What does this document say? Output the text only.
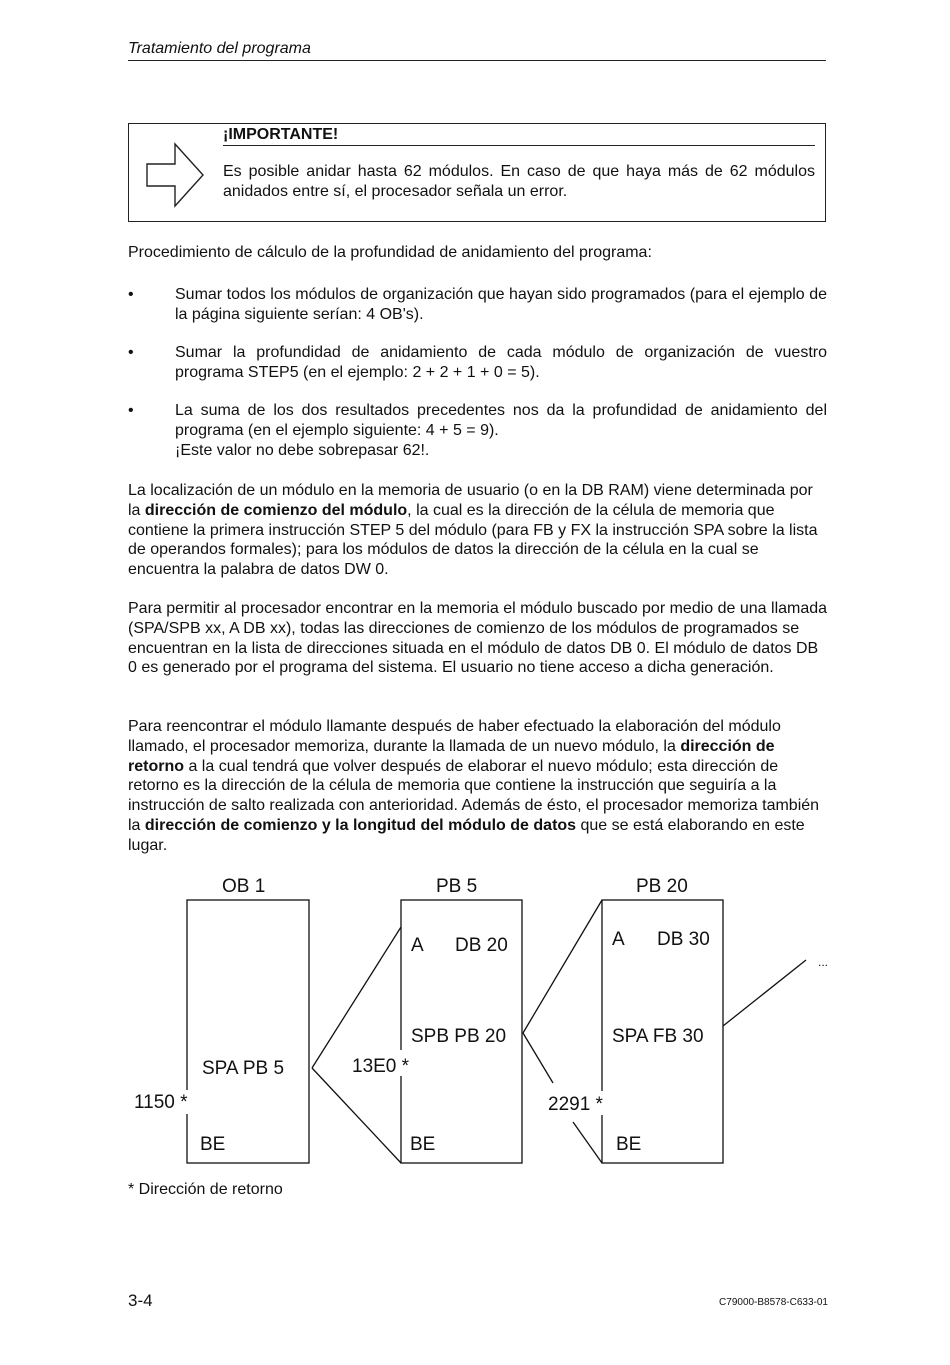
Tratamiento del programa
¡IMPORTANTE!
Es posible anidar hasta 62 módulos. En caso de que haya más de 62 módulos anidados entre sí, el procesador señala un error.
Procedimiento de cálculo de la profundidad de anidamiento del programa:
•	Sumar todos los módulos de organización que hayan sido programados (para el ejemplo de la página siguiente serían: 4 OB's).
•	Sumar la profundidad de anidamiento de cada módulo de organización de vuestro programa STEP5 (en el ejemplo: 2 + 2 + 1 + 0 = 5).
•	La suma de los dos resultados precedentes nos da la profundidad de anidamiento del programa (en el ejemplo siguiente: 4 + 5 = 9).
¡Este valor no debe sobrepasar 62!.
La localización de un módulo en la memoria de usuario (o en la DB RAM) viene determinada por la dirección de comienzo del módulo, la cual es la dirección de la célula de memoria que contiene la primera instrucción STEP 5 del módulo (para FB y FX la instrucción SPA sobre la lista de operandos formales); para los módulos de datos la dirección de la célula en la cual se encuentra la palabra de datos DW 0.
Para permitir al procesador encontrar en la memoria el módulo buscado por medio de una llamada (SPA/SPB xx, A DB xx), todas las direcciones de comienzo de los módulos de programados se encuentran en la lista de direcciones situada en el módulo de datos DB 0. El módulo de datos DB 0 es generado por el programa del sistema. El usuario no tiene acceso a dicha generación.
Para reencontrar el módulo llamante después de haber efectuado la elaboración del módulo llamado, el procesador memoriza, durante la llamada de un nuevo módulo, la dirección de retorno a la cual tendrá que volver después de elaborar el nuevo módulo; esta dirección de retorno es la dirección de la célula de memoria que contiene la instrucción que seguiría a la instrucción de salto realizada con anterioridad. Además de ésto, el procesador memoriza también la dirección de comienzo y la longitud del módulo de datos que se está elaborando en este lugar.
OB 1
SPA PB 5
BE
1150 *
PB 5
A DB 20
SPB PB 20
BE
13E0 *
PB 20
A DB 30
SPA FB 30
BE
2291 *
...
* Dirección de retorno
3-4	C79000-B8578-C633-01
